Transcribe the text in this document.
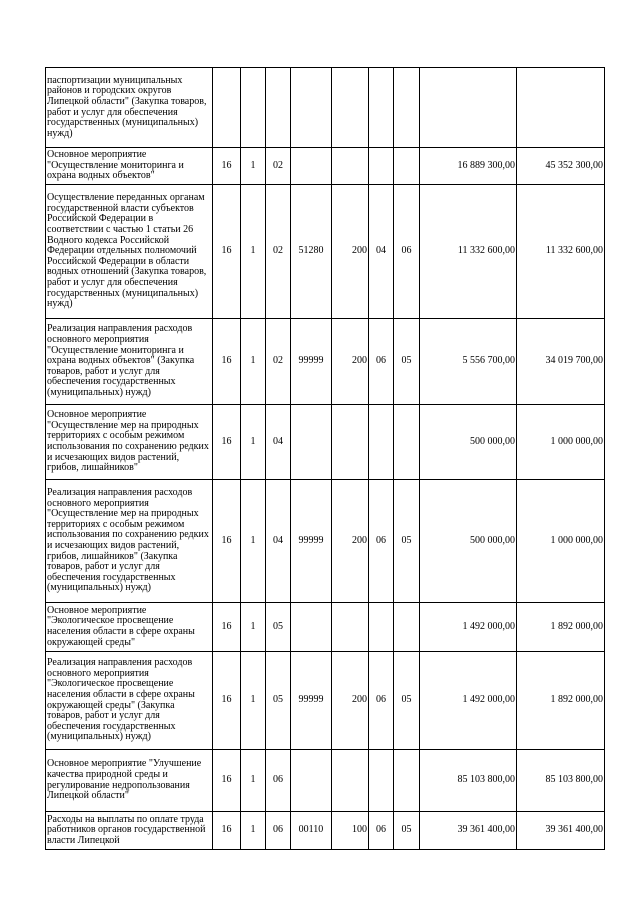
паспортизации муниципальных районов и городских округов Липецкой области" (Закупка товаров, работ и услуг для обеспечения государственных (муниципальных) нужд)									
Основное мероприятие "Осуществление мониторинга и охрана водных объектов"	16	1	02					16 889 300,00	45 352 300,00
Осуществление переданных органам государственной власти субъектов Российской Федерации в соответствии с частью 1 статьи 26 Водного кодекса Российской Федерации отдельных полномочий Российской Федерации в области водных отношений (Закупка товаров, работ и услуг для обеспечения государственных (муниципальных) нужд)	16	1	02	51280	200	04	06	11 332 600,00	11 332 600,00
Реализация направления расходов основного мероприятия "Осуществление мониторинга и охрана водных объектов" (Закупка товаров, работ и услуг для обеспечения государственных (муниципальных) нужд)	16	1	02	99999	200	06	05	5 556 700,00	34 019 700,00
Основное мероприятие "Осуществление мер на природных территориях с особым режимом использования по сохранению редких и исчезающих видов растений, грибов, лишайников"	16	1	04					500 000,00	1 000 000,00
Реализация направления расходов основного мероприятия "Осуществление мер на природных территориях с особым режимом использования по сохранению редких и исчезающих видов растений, грибов, лишайников" (Закупка товаров, работ и услуг для обеспечения государственных (муниципальных) нужд)	16	1	04	99999	200	06	05	500 000,00	1 000 000,00
Основное мероприятие "Экологическое просвещение населения области в сфере охраны окружающей среды"	16	1	05					1 492 000,00	1 892 000,00
Реализация направления расходов основного мероприятия "Экологическое просвещение населения области в сфере охраны окружающей среды" (Закупка товаров, работ и услуг для обеспечения государственных (муниципальных) нужд)	16	1	05	99999	200	06	05	1 492 000,00	1 892 000,00
Основное мероприятие "Улучшение качества природной среды и регулирование недропользования Липецкой области"	16	1	06					85 103 800,00	85 103 800,00
Расходы на выплаты по оплате труда работников органов государственной власти Липецкой	16	1	06	00110	100	06	05	39 361 400,00	39 361 400,00
